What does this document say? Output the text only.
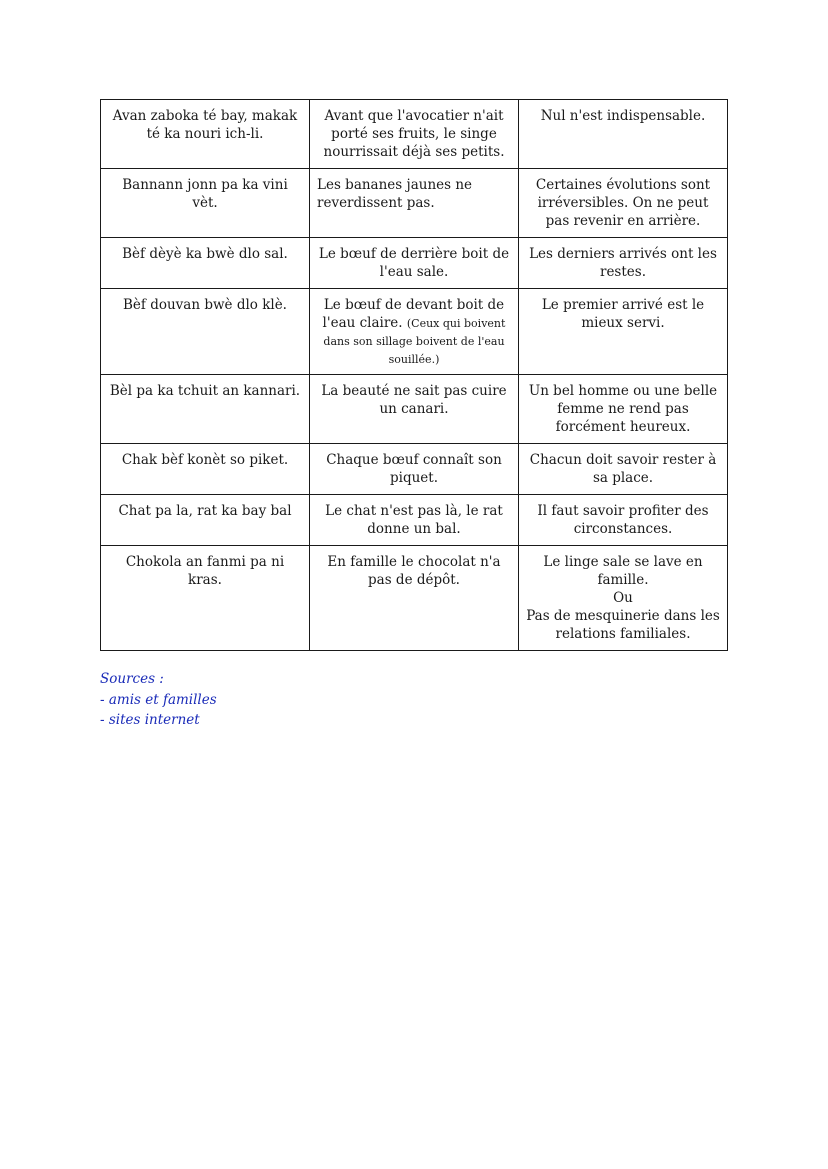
Avan zaboka té bay, makak té ka nouri ich-li.	Avant que l'avocatier n'ait porté ses fruits, le singe nourrissait déjà ses petits.	Nul n'est indispensable.

Bannann jonn pa ka vini vèt.	Les bananes jaunes ne reverdissent pas.	Certaines évolutions sont irréversibles. On ne peut pas revenir en arrière.

Bèf dèyè ka bwè dlo sal.	Le bœuf de derrière boit de l'eau sale.	Les derniers arrivés ont les restes.

Bèf douvan bwè dlo klè.	Le bœuf de devant boit de l'eau claire. (Ceux qui boivent dans son sillage boivent de l'eau souillée.)	Le premier arrivé est le mieux servi.

Bèl pa ka tchuit an kannari.	La beauté ne sait pas cuire un canari.	Un bel homme ou une belle femme ne rend pas forcément heureux.

Chak bèf konèt so piket.	Chaque bœuf connaît son piquet.	Chacun doit savoir rester à sa place.

Chat pa la, rat ka bay bal	Le chat n'est pas là, le rat donne un bal.	Il faut savoir profiter des circonstances.

Chokola an fanmi pa ni kras.	En famille le chocolat n'a pas de dépôt.	Le linge sale se lave en famille.
Ou
Pas de mesquinerie dans les relations familiales.
Sources :
- amis et familles
- sites internet
